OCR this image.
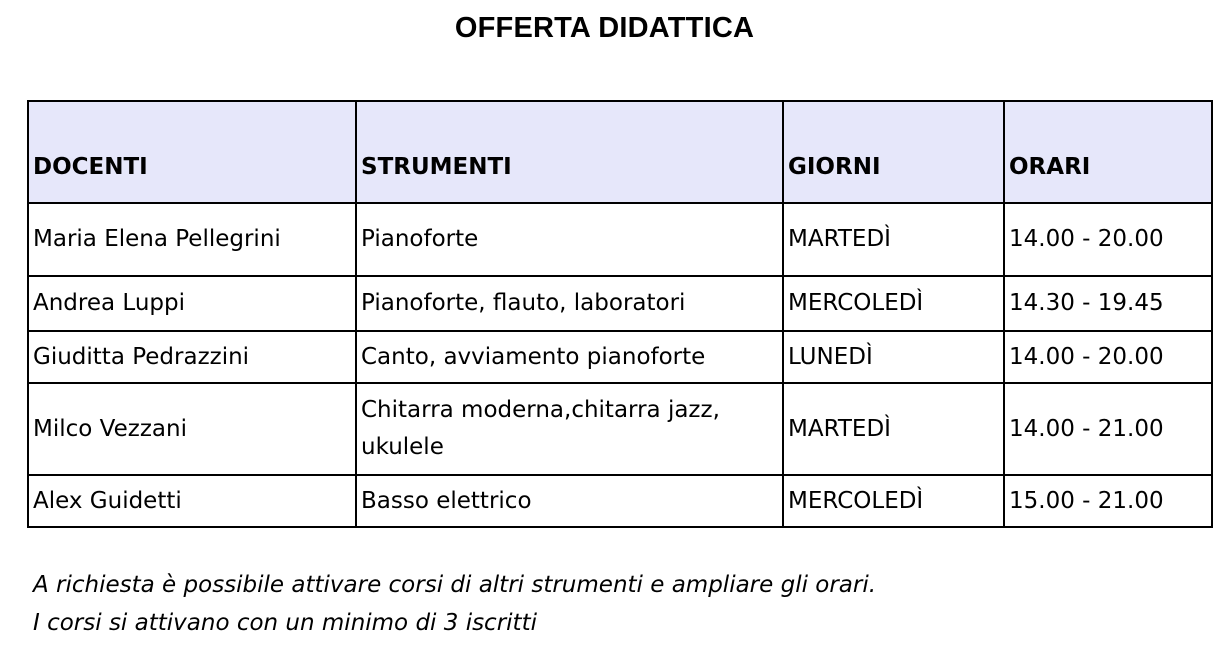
OFFERTA DIDATTICA
DOCENTI	STRUMENTI	GIORNI	ORARI
Maria Elena Pellegrini	Pianoforte	MARTEDÌ	14.00 - 20.00
Andrea Luppi	Pianoforte, flauto, laboratori	MERCOLEDÌ	14.30 - 19.45
Giuditta Pedrazzini	Canto, avviamento pianoforte	LUNEDÌ	14.00 - 20.00
Milco Vezzani	Chitarra moderna,chitarra jazz, ukulele	MARTEDÌ	14.00 - 21.00
Alex Guidetti	Basso elettrico	MERCOLEDÌ	15.00 - 21.00
A richiesta è possibile attivare corsi di altri strumenti e ampliare gli orari.
I corsi si attivano con un minimo di 3 iscritti
